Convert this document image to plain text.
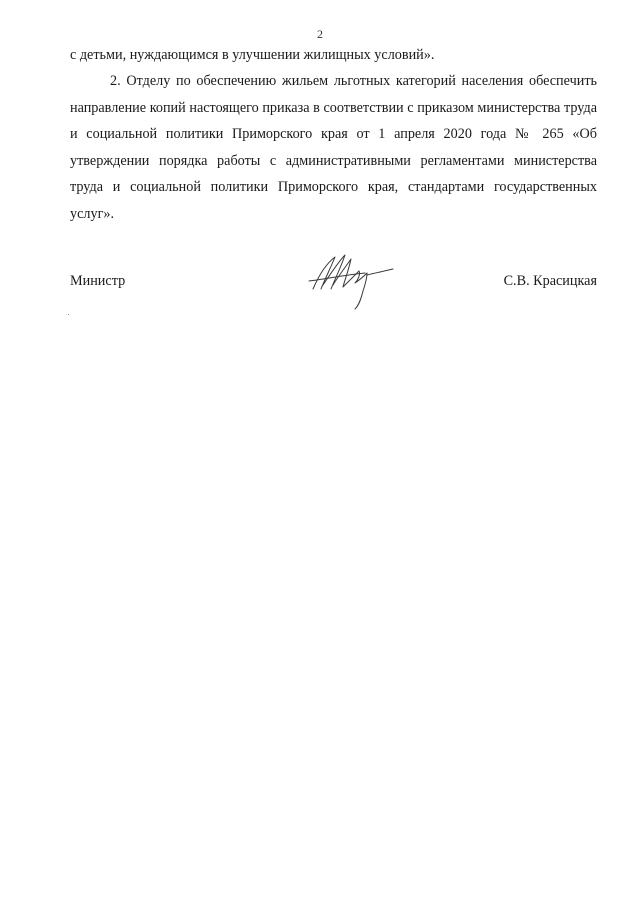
2
с детьми, нуждающимся в улучшении жилищных условий».
2. Отделу по обеспечению жильем льготных категорий населения обеспечить направление копий настоящего приказа в соответствии с приказом министерства труда и социальной политики Приморского края от 1 апреля 2020 года № 265 «Об утверждении порядка работы с административными регламентами министерства труда и социальной политики Приморского края, стандартами государственных услуг».
Министр	С.В. Красицкая
